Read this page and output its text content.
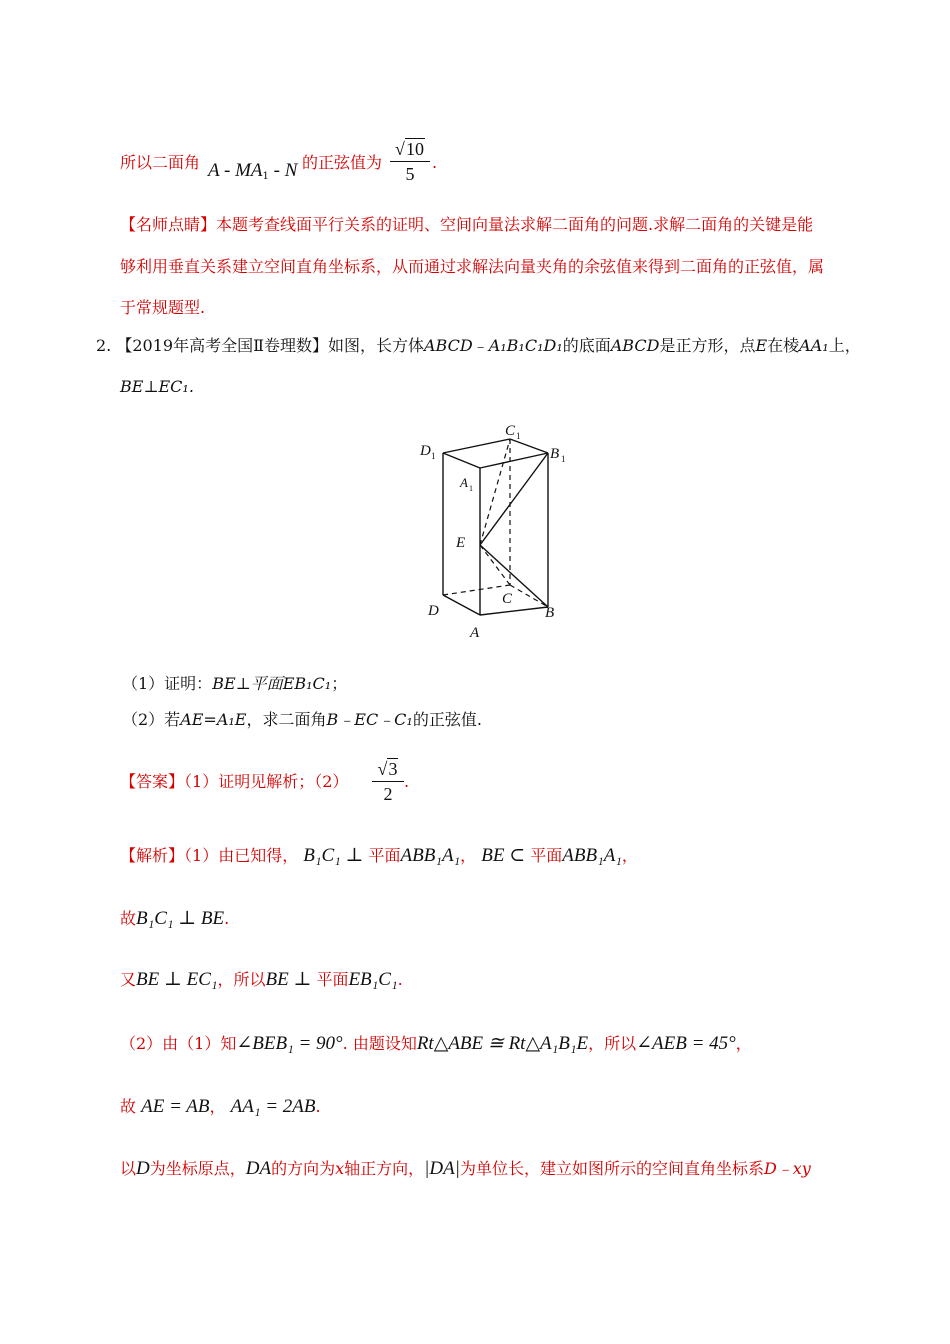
所以二面角 A - $MA_1$ - N 的正弦值为
√10
5
.
【名师点睛】本题考查线面平行关系的证明、空间向量法求解二面角的问题.求解二面角的关键是能
够利用垂直关系建立空间直角坐标系，从而通过求解法向量夹角的余弦值来得到二面角的正弦值，属
于常规题型.
2. 【2019年高考全国Ⅱ卷理数】如图，长方体ABCD﹣A₁B₁C₁D₁的底面ABCD是正方形，点E在棱AA₁上，
BE⊥EC₁.
C 1
B 1
D 1
A 1
E
C
D	B
A
（1）证明：BE⊥平面EB₁C₁；
（2）若AE=A₁E，求二面角B﹣EC﹣C₁的正弦值.
【答案】（1）证明见解析；（2）
√3
2
.
【解析】（1）由已知得， B₁C₁ ⊥ 平面ABB₁A₁， BE ⊂ 平面ABB₁A₁，
故B₁C₁ ⊥ BE.
又BE ⊥ EC₁，所以BE ⊥ 平面EB₁C₁.
（2）由（1）知∠BEB₁ = 90°. 由题设知Rt△ABE ≅ Rt△A₁B₁E，所以∠AEB = 45°，
故 AE = AB， AA₁ = 2AB.
以D为坐标原点，DA的方向为x轴正方向，|DA|为单位长，建立如图所示的空间直角坐标系D﹣xy
